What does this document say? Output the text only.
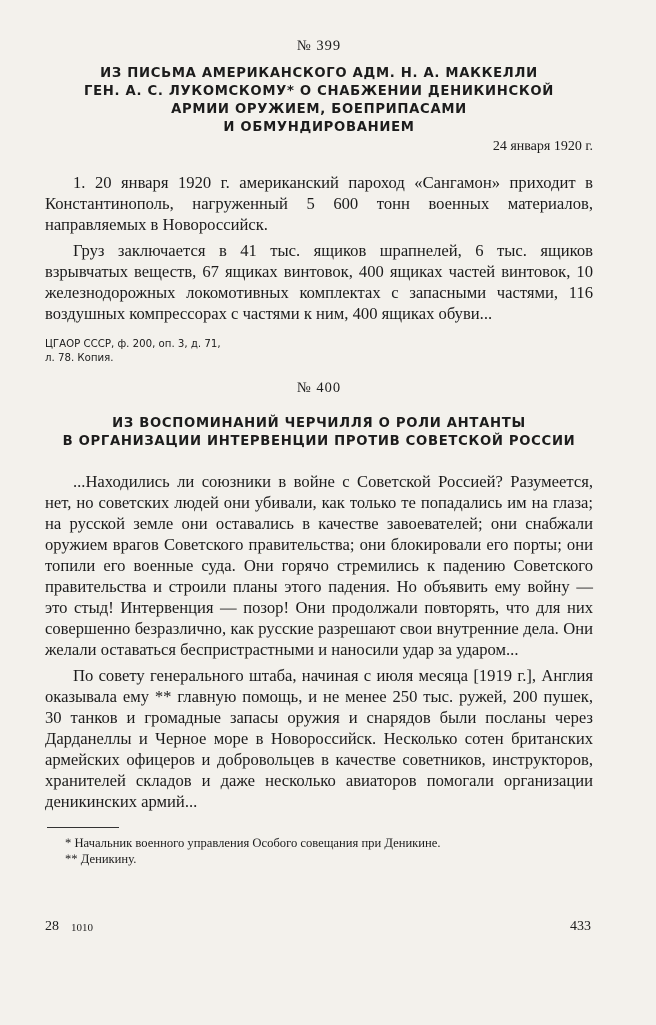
№ 399
ИЗ ПИСЬМА АМЕРИКАНСКОГО АДМ. Н. А. МАККЕЛЛИ
ГЕН. А. С. ЛУКОМСКОМУ* О СНАБЖЕНИИ ДЕНИКИНСКОЙ
АРМИИ ОРУЖИЕМ, БОЕПРИПАСАМИ
И ОБМУНДИРОВАНИЕМ
24 января 1920 г.

1. 20 января 1920 г. американский пароход «Сангамон» приходит в Константинополь, нагруженный 5 600 тонн военных материалов, направляемых в Новороссийск.

Груз заключается в 41 тыс. ящиков шрапнелей, 6 тыс. ящиков взрывчатых веществ, 67 ящиках винтовок, 400 ящиках частей винтовок, 10 железнодорожных локомотивных комплектах с запасными частями, 116 воздушных компрессорах с частями к ним, 400 ящиках обуви...

ЦГАОР СССР, ф. 200, оп. 3, д. 71,
л. 78. Копия.
№ 400
ИЗ ВОСПОМИНАНИЙ ЧЕРЧИЛЛЯ О РОЛИ АНТАНТЫ
В ОРГАНИЗАЦИИ ИНТЕРВЕНЦИИ ПРОТИВ СОВЕТСКОЙ РОССИИ

...Находились ли союзники в войне с Советской Россией? Разумеется, нет, но советских людей они убивали, как только те попадались им на глаза; на русской земле они оставались в качестве завоевателей; они снабжали оружием врагов Советского правительства; они блокировали его порты; они топили его военные суда. Они горячо стремились к падению Советского правительства и строили планы этого падения. Но объявить ему войну — это стыд! Интервенция — позор! Они продолжали повторять, что для них совершенно безразлично, как русские разрешают свои внутренние дела. Они желали оставаться беспристрастными и наносили удар за ударом...

По совету генерального штаба, начиная с июля месяца [1919 г.], Англия оказывала ему ** главную помощь, и не менее 250 тыс. ружей, 200 пушек, 30 танков и громадные запасы оружия и снарядов были посланы через Дарданеллы и Черное море в Новороссийск. Несколько сотен британских армейских офицеров и добровольцев в качестве советников, инструкторов, хранителей складов и даже несколько авиаторов помогали организации деникинских армий...

* Начальник военного управления Особого совещания при Деникине.
** Деникину.
28 1010	433
